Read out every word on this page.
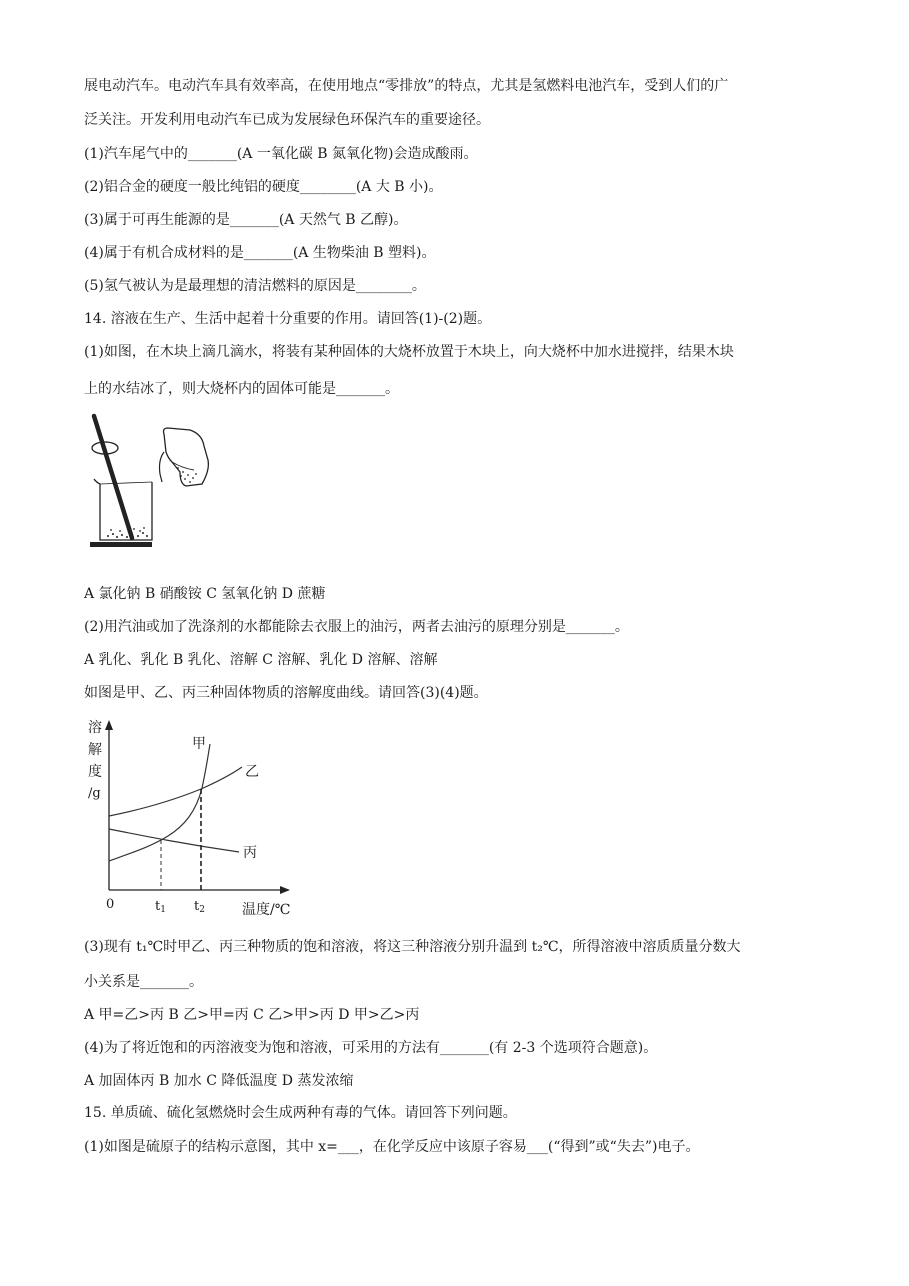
展电动汽车。电动汽车具有效率高，在使用地点“零排放”的特点，尤其是氢燃料电池汽车，受到人们的广
泛关注。开发利用电动汽车已成为发展绿色环保汽车的重要途径。
(1)汽车尾气中的_______(A 一氧化碳 B 氮氧化物)会造成酸雨。
(2)铝合金的硬度一般比纯铝的硬度________(A 大 B 小)。
(3)属于可再生能源的是_______(A 天然气 B 乙醇)。
(4)属于有机合成材料的是_______(A 生物柴油 B 塑料)。
(5)氢气被认为是最理想的清洁燃料的原因是________。
14. 溶液在生产、生活中起着十分重要的作用。请回答(1)-(2)题。
(1)如图，在木块上滴几滴水，将装有某种固体的大烧杯放置于木块上，向大烧杯中加水进搅拌，结果木块
上的水结冰了，则大烧杯内的固体可能是_______。
A 氯化钠 B 硝酸铵 C 氢氧化钠 D 蔗糖
(2)用汽油或加了洗涤剂的水都能除去衣服上的油污，两者去油污的原理分别是_______。
A 乳化、乳化 B 乳化、溶解 C 溶解、乳化 D 溶解、溶解
如图是甲、乙、丙三种固体物质的溶解度曲线。请回答(3)(4)题。
(3)现有 t₁℃时甲乙、丙三种物质的饱和溶液，将这三种溶液分别升温到 t₂℃，所得溶液中溶质质量分数大
小关系是_______。
A 甲=乙>丙 B 乙>甲=丙 C 乙>甲>丙 D 甲>乙>丙
(4)为了将近饱和的丙溶液变为饱和溶液，可采用的方法有_______(有 2-3 个选项符合题意)。
A 加固体丙 B 加水 C 降低温度 D 蒸发浓缩
15. 单质硫、硫化氢燃烧时会生成两种有毒的气体。请回答下列问题。
(1)如图是硫原子的结构示意图，其中 x=___，在化学反应中该原子容易___(“得到”或“失去”)电子。
溶
解
度
/g
甲
乙
丙
0	t1 t2	温度/℃
